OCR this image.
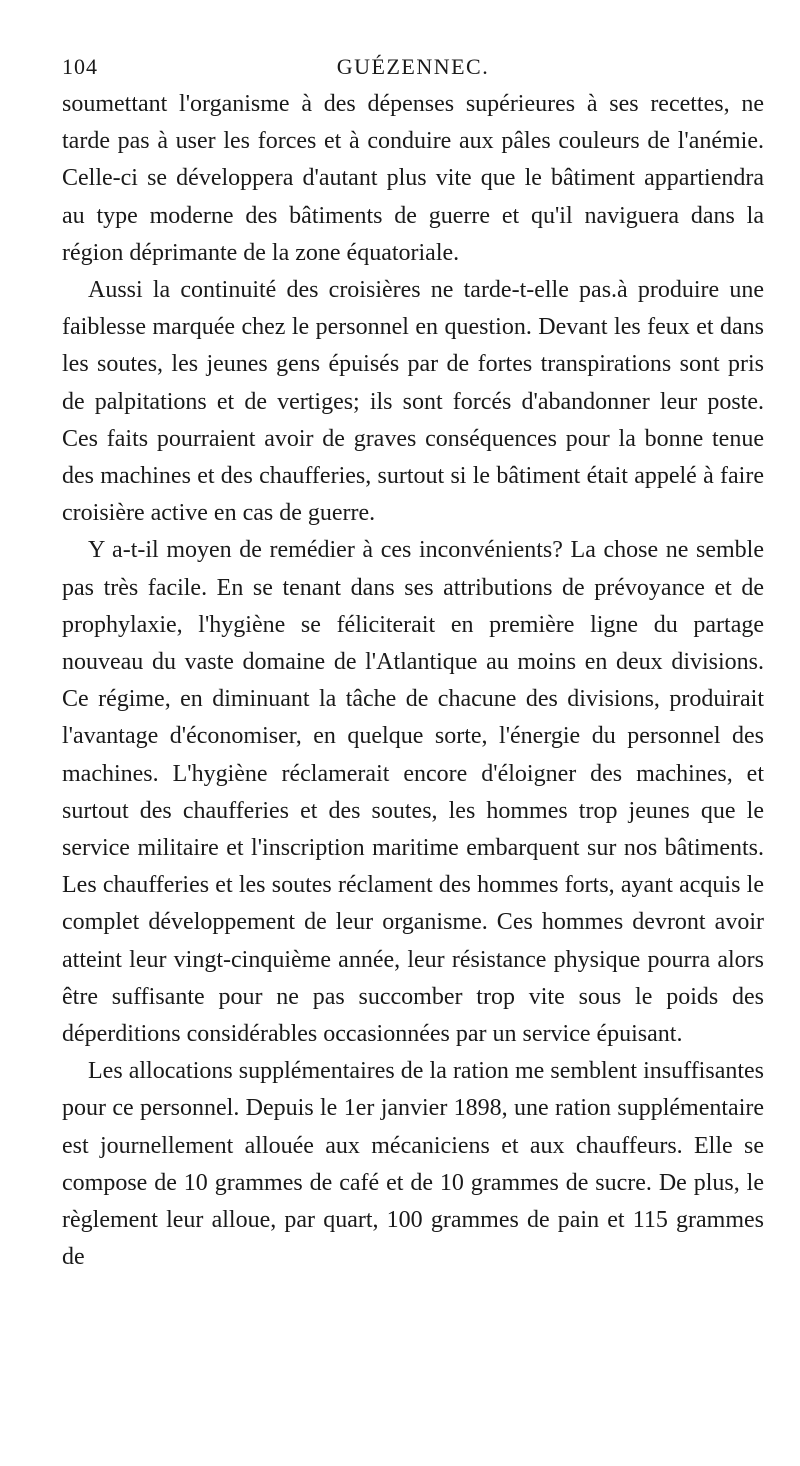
104	GUÉZENNEC.

soumettant l'organisme à des dépenses supérieures à ses recettes, ne tarde pas à user les forces et à conduire aux pâles couleurs de l'anémie. Celle-ci se développera d'autant plus vite que le bâtiment appartiendra au type moderne des bâtiments de guerre et qu'il naviguera dans la région déprimante de la zone équatoriale.

Aussi la continuité des croisières ne tarde-t-elle pas.à produire une faiblesse marquée chez le personnel en question. Devant les feux et dans les soutes, les jeunes gens épuisés par de fortes transpirations sont pris de palpitations et de vertiges; ils sont forcés d'abandonner leur poste. Ces faits pourraient avoir de graves conséquences pour la bonne tenue des machines et des chaufferies, surtout si le bâtiment était appelé à faire croisière active en cas de guerre.

Y a-t-il moyen de remédier à ces inconvénients? La chose ne semble pas très facile. En se tenant dans ses attributions de prévoyance et de prophylaxie, l'hygiène se féliciterait en première ligne du partage nouveau du vaste domaine de l'Atlantique au moins en deux divisions. Ce régime, en diminuant la tâche de chacune des divisions, produirait l'avantage d'économiser, en quelque sorte, l'énergie du personnel des machines. L'hygiène réclamerait encore d'éloigner des machines, et surtout des chaufferies et des soutes, les hommes trop jeunes que le service militaire et l'inscription maritime embarquent sur nos bâtiments. Les chaufferies et les soutes réclament des hommes forts, ayant acquis le complet développement de leur organisme. Ces hommes devront avoir atteint leur vingt-cinquième année, leur résistance physique pourra alors être suffisante pour ne pas succomber trop vite sous le poids des déperditions considérables occasionnées par un service épuisant.

Les allocations supplémentaires de la ration me semblent insuffisantes pour ce personnel. Depuis le 1er janvier 1898, une ration supplémentaire est journellement allouée aux mécaniciens et aux chauffeurs. Elle se compose de 10 grammes de café et de 10 grammes de sucre. De plus, le règlement leur alloue, par quart, 100 grammes de pain et 115 grammes de
